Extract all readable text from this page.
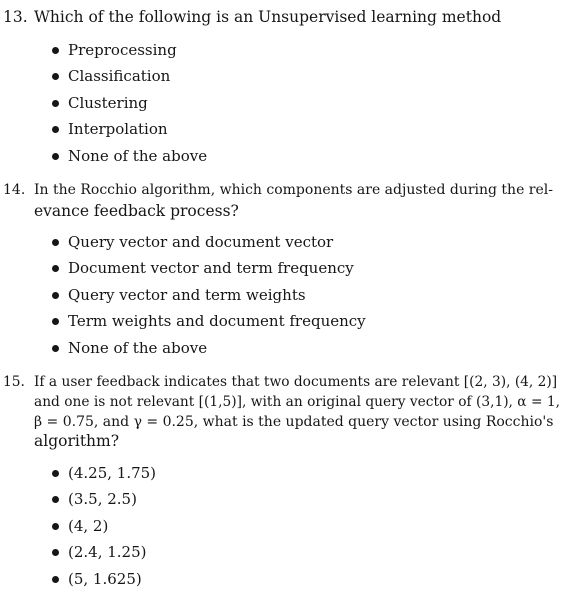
13. Which of the following is an Unsupervised learning method
Preprocessing
Classification
Clustering
Interpolation
None of the above
14. In the Rocchio algorithm, which components are adjusted during the rel-
evance feedback process?
Query vector and document vector
Document vector and term frequency
Query vector and term weights
Term weights and document frequency
None of the above
15. If a user feedback indicates that two documents are relevant [(2, 3), (4, 2)]
and one is not relevant [(1,5)], with an original query vector of (3,1), α = 1,
β = 0.75, and γ = 0.25, what is the updated query vector using Rocchio's
algorithm?
(4.25, 1.75)
(3.5, 2.5)
(4, 2)
(2.4, 1.25)
(5, 1.625)
